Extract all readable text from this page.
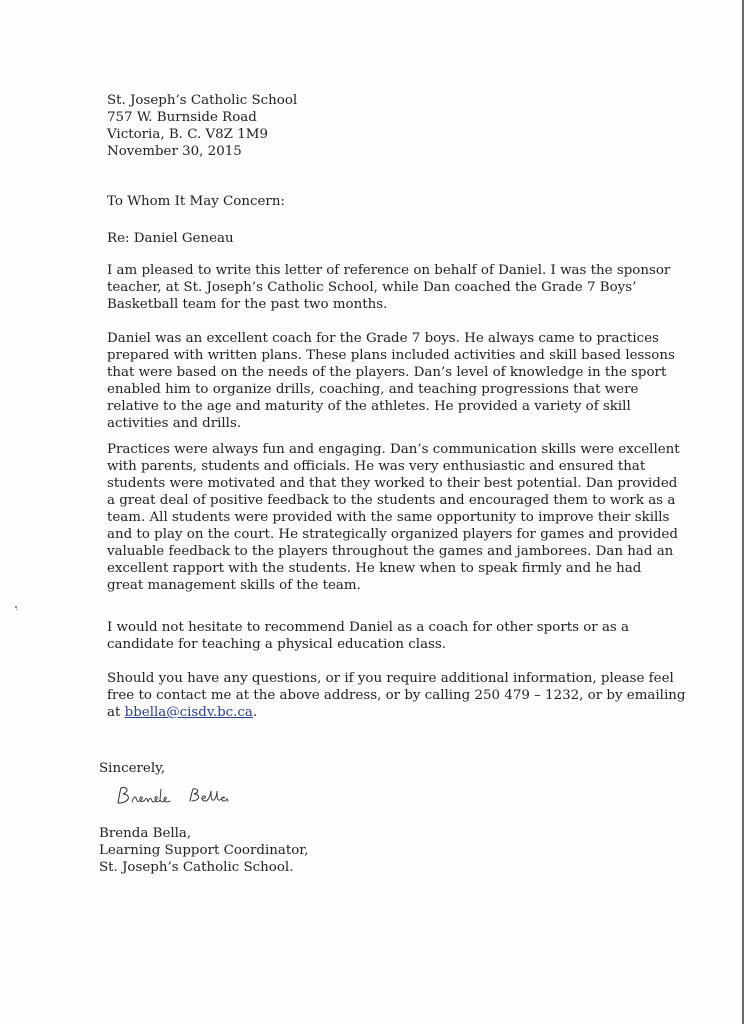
St. Joseph’s Catholic School
757 W. Burnside Road
Victoria, B. C. V8Z 1M9
November 30, 2015
To Whom It May Concern:
Re: Daniel Geneau
I am pleased to write this letter of reference on behalf of Daniel. I was the sponsor
teacher, at St. Joseph’s Catholic School, while Dan coached the Grade 7 Boys’
Basketball team for the past two months.
Daniel was an excellent coach for the Grade 7 boys. He always came to practices
prepared with written plans. These plans included activities and skill based lessons
that were based on the needs of the players. Dan’s level of knowledge in the sport
enabled him to organize drills, coaching, and teaching progressions that were
relative to the age and maturity of the athletes. He provided a variety of skill
activities and drills.
Practices were always fun and engaging. Dan’s communication skills were excellent
with parents, students and officials. He was very enthusiastic and ensured that
students were motivated and that they worked to their best potential. Dan provided
a great deal of positive feedback to the students and encouraged them to work as a
team. All students were provided with the same opportunity to improve their skills
and to play on the court. He strategically organized players for games and provided
valuable feedback to the players throughout the games and jamborees. Dan had an
excellent rapport with the students. He knew when to speak firmly and he had
great management skills of the team.
I would not hesitate to recommend Daniel as a coach for other sports or as a
candidate for teaching a physical education class.
Should you have any questions, or if you require additional information, please feel
free to contact me at the above address, or by calling 250 479 – 1232, or by emailing
at bbella@cisdv.bc.ca.
Sincerely,
Brenda Bella,
Learning Support Coordinator,
St. Joseph’s Catholic School.
